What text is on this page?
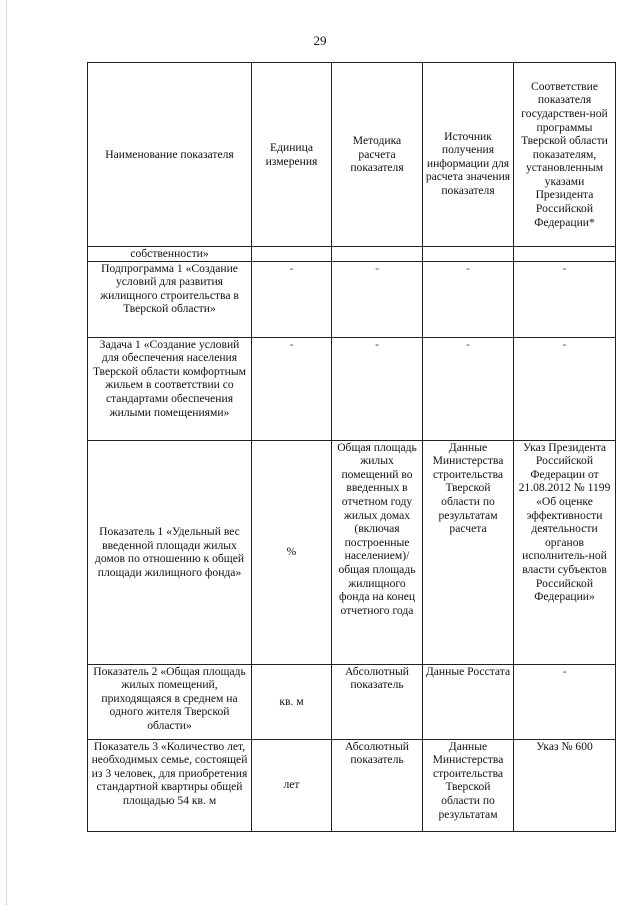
29
Наименование показателя	Единица измерения	Методика расчета показателя	Источник получения информации для расчета значения показателя	Соответствие показателя государствен-ной программы Тверской области показателям, установленным указами Президента Российской Федерации*
собственности»				
Подпрограмма 1 «Создание условий для развития жилищного строительства в Тверской области»	-	-	-	-
Задача 1 «Создание условий для обеспечения населения Тверской области комфортным жильем в соответствии со стандартами обеспечения жилыми помещениями»	-	-	-	-
Показатель 1 «Удельный вес введенной площади жилых домов по отношению к общей площади жилищного фонда»	%	Общая площадь жилых помещений во введенных в отчетном году жилых домах (включая построенные населением)/ общая площадь жилищного фонда на конец отчетного года	Данные Министерства строительства Тверской области по результатам расчета	Указ Президента Российской Федерации от 21.08.2012 № 1199 «Об оценке эффективности деятельности органов исполнитель-ной власти субъектов Российской Федерации»
Показатель 2 «Общая площадь жилых помещений, приходящаяся в среднем на одного жителя Тверской области»	кв. м	Абсолютный показатель	Данные Росстата	-
Показатель 3 «Количество лет, необходимых семье, состоящей из 3 человек, для приобретения стандартной квартиры общей площадью 54 кв. м	лет	Абсолютный показатель	Данные Министерства строительства Тверской области по результатам	Указ № 600
